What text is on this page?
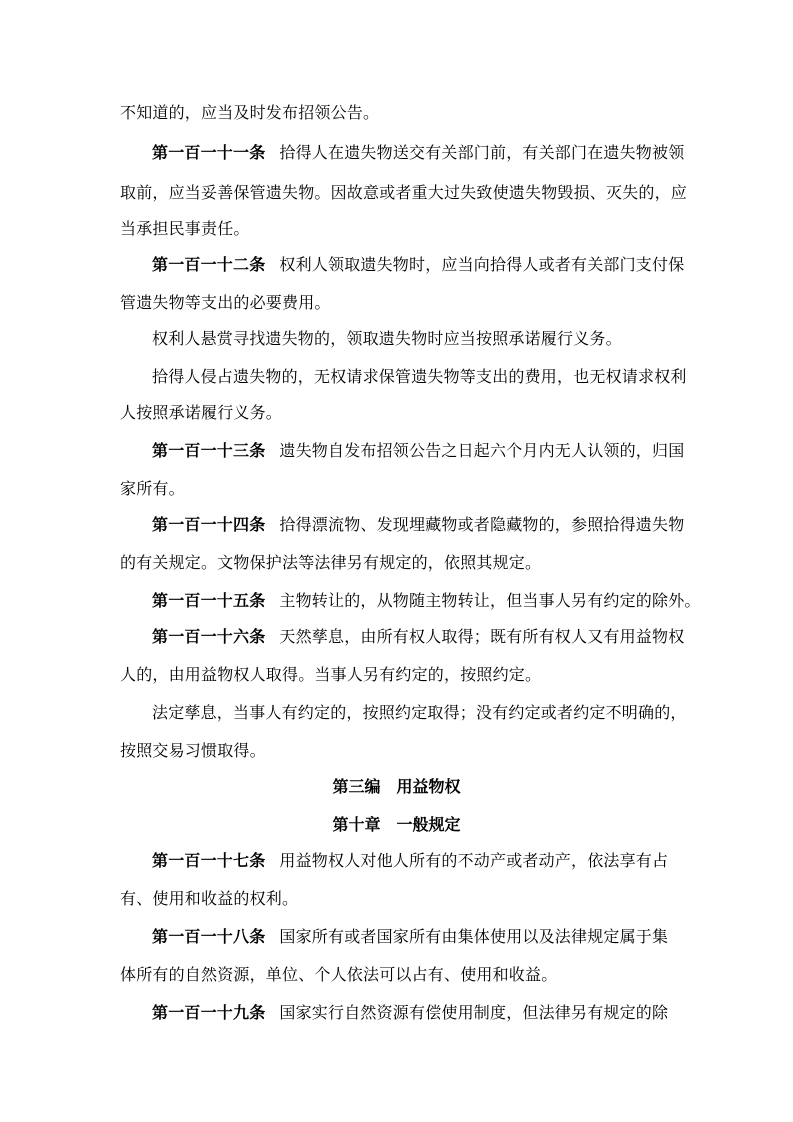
不知道的，应当及时发布招领公告。
第一百一十一条 拾得人在遗失物送交有关部门前，有关部门在遗失物被领
取前，应当妥善保管遗失物。因故意或者重大过失致使遗失物毁损、灭失的，应
当承担民事责任。
第一百一十二条 权利人领取遗失物时，应当向拾得人或者有关部门支付保
管遗失物等支出的必要费用。
权利人悬赏寻找遗失物的，领取遗失物时应当按照承诺履行义务。
拾得人侵占遗失物的，无权请求保管遗失物等支出的费用，也无权请求权利
人按照承诺履行义务。
第一百一十三条 遗失物自发布招领公告之日起六个月内无人认领的，归国
家所有。
第一百一十四条 拾得漂流物、发现埋藏物或者隐藏物的，参照拾得遗失物
的有关规定。文物保护法等法律另有规定的，依照其规定。
第一百一十五条 主物转让的，从物随主物转让，但当事人另有约定的除外。
第一百一十六条 天然孳息，由所有权人取得；既有所有权人又有用益物权
人的，由用益物权人取得。当事人另有约定的，按照约定。
法定孳息，当事人有约定的，按照约定取得；没有约定或者约定不明确的，
按照交易习惯取得。
第三编 用益物权
第十章 一般规定
第一百一十七条 用益物权人对他人所有的不动产或者动产，依法享有占
有、使用和收益的权利。
第一百一十八条 国家所有或者国家所有由集体使用以及法律规定属于集
体所有的自然资源，单位、个人依法可以占有、使用和收益。
第一百一十九条 国家实行自然资源有偿使用制度，但法律另有规定的除
